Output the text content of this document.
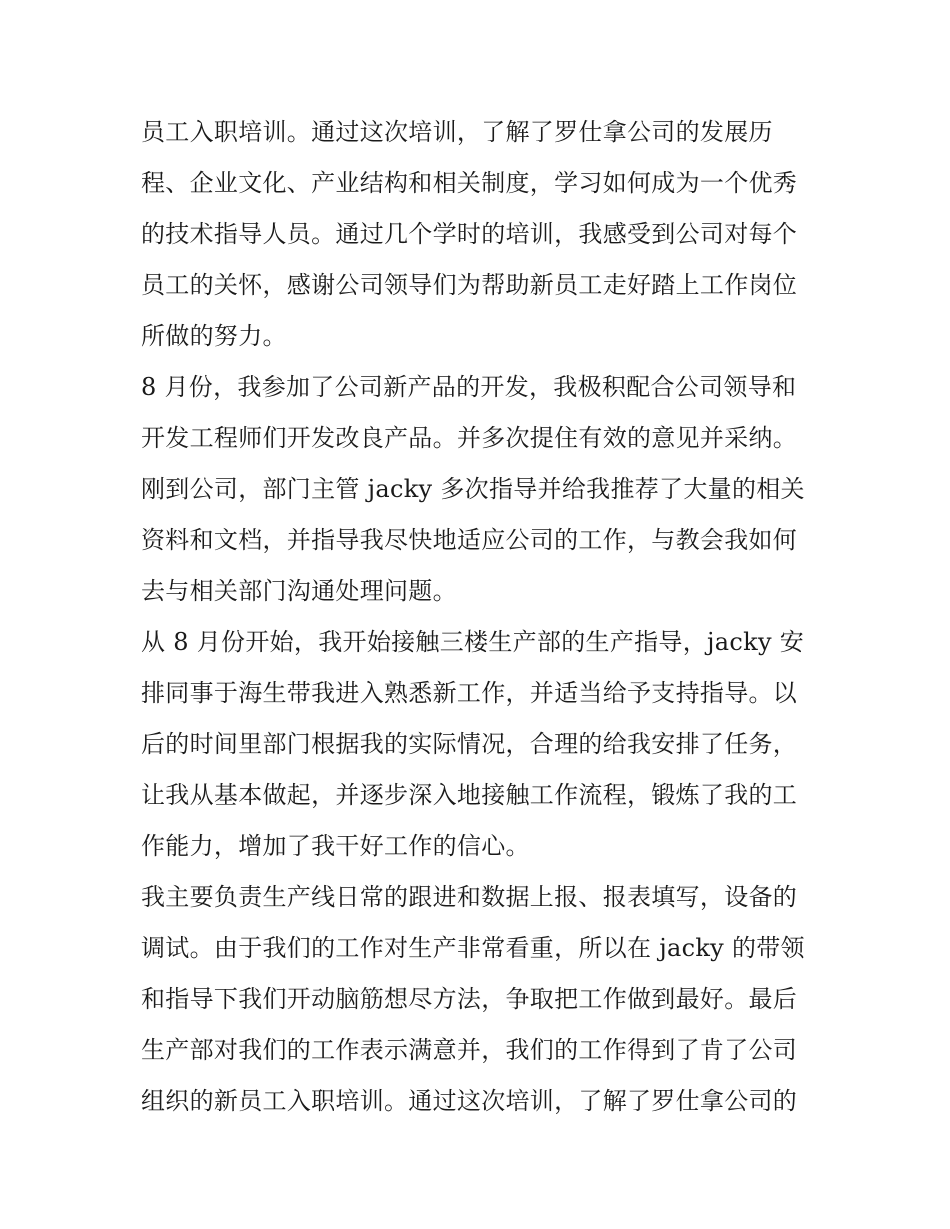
员工入职培训。通过这次培训，了解了罗仕拿公司的发展历
程、企业文化、产业结构和相关制度，学习如何成为一个优秀
的技术指导人员。通过几个学时的培训，我感受到公司对每个
员工的关怀，感谢公司领导们为帮助新员工走好踏上工作岗位
所做的努力。
8 月份，我参加了公司新产品的开发，我极积配合公司领导和
开发工程师们开发改良产品。并多次提住有效的意见并采纳。
刚到公司，部门主管 jacky 多次指导并给我推荐了大量的相关
资料和文档，并指导我尽快地适应公司的工作，与教会我如何
去与相关部门沟通处理问题。
从 8 月份开始，我开始接触三楼生产部的生产指导，jacky 安
排同事于海生带我进入熟悉新工作，并适当给予支持指导。以
后的时间里部门根据我的实际情况，合理的给我安排了任务，
让我从基本做起，并逐步深入地接触工作流程，锻炼了我的工
作能力，增加了我干好工作的信心。
我主要负责生产线日常的跟进和数据上报、报表填写，设备的
调试。由于我们的工作对生产非常看重，所以在 jacky 的带领
和指导下我们开动脑筋想尽方法，争取把工作做到最好。最后
生产部对我们的工作表示满意并，我们的工作得到了肯了公司
组织的新员工入职培训。通过这次培训，了解了罗仕拿公司的
